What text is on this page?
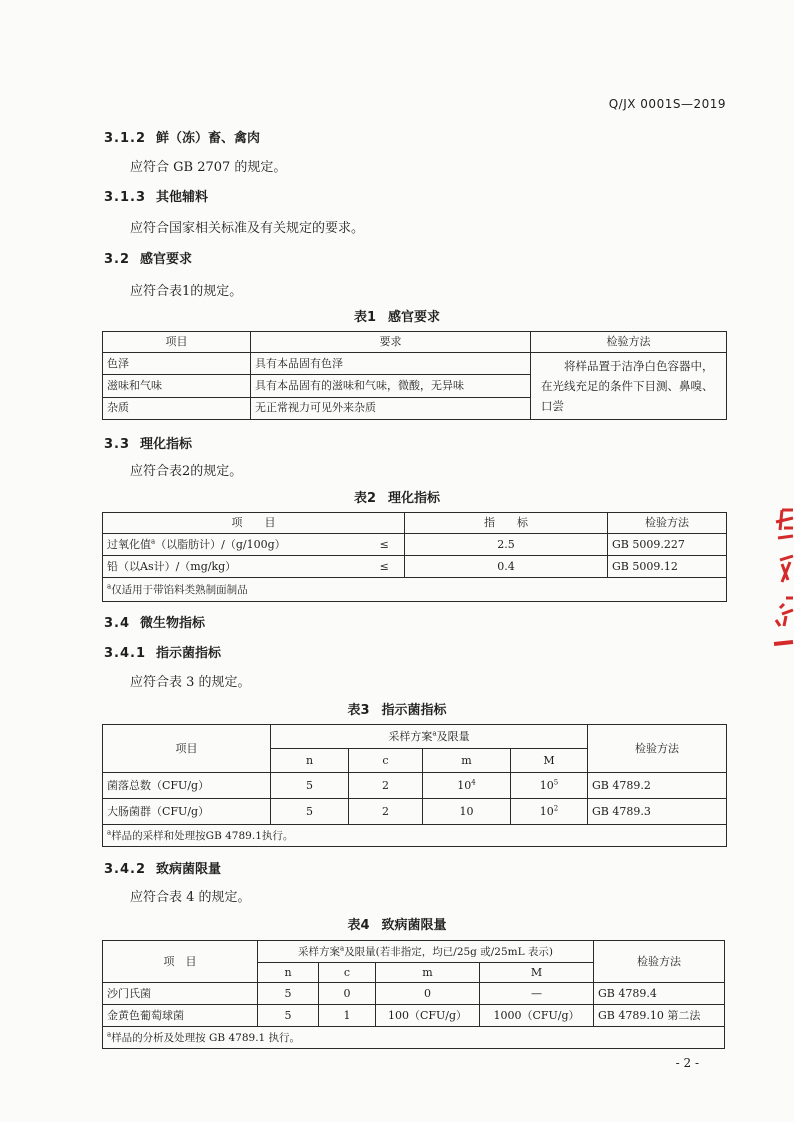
Q/JX 0001S—2019
3.1.2 鲜（冻）畜、禽肉
应符合 GB 2707 的规定。
3.1.3 其他辅料
应符合国家相关标准及有关规定的要求。
3.2 感官要求
应符合表1的规定。
表1 感官要求
项目	要求	检验方法
色泽	具有本品固有色泽	将样品置于洁净白色容器中，在光线充足的条件下目测、鼻嗅、口尝
滋味和气味	具有本品固有的滋味和气味，微酸，无异味	
杂质	无正常视力可见外来杂质	
3.3 理化指标
应符合表2的规定。
表2 理化指标
项　　目		指　　标	检验方法
过氧化值$^a$（以脂肪计）/（g/100g）	≤	2.5	GB 5009.227
铅（以As计）/（mg/kg）	≤	0.4	GB 5009.12
$^a$仅适用于带馅料类熟制面制品			
3.4 微生物指标
3.4.1 指示菌指标
应符合表 3 的规定。
表3 指示菌指标
项目	采样方案$^a$及限量				检验方法
	n	c	m	M	
菌落总数（CFU/g）	5	2	$10^4$	$10^5$	GB 4789.2
大肠菌群（CFU/g）	5	2	10	$10^2$	GB 4789.3
$^a$样品的采样和处理按GB 4789.1执行。					
3.4.2 致病菌限量
应符合表 4 的规定。
表4 致病菌限量
项　目	采样方案$^a$及限量(若非指定，均已/25g 或/25mL 表示)				检验方法
	n	c	m	M	
沙门氏菌	5	0	0	—	GB 4789.4
金黄色葡萄球菌	5	1	100（CFU/g）	1000（CFU/g）	GB 4789.10 第二法
$^a$样品的分析及处理按 GB 4789.1 执行。					
- 2 -
